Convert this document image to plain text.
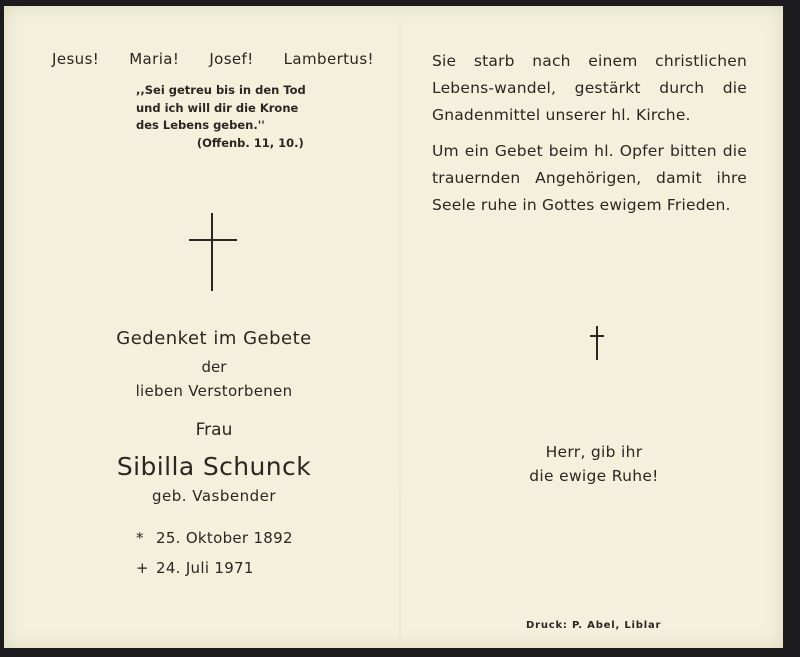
Jesus! Maria! Josef! Lambertus!
,,Sei getreu bis in den Tod
und ich will dir die Krone
des Lebens geben.''
(Offenb. 11, 10.)
Gedenket im Gebete
der
lieben Verstorbenen
Frau
Sibilla Schunck
geb. Vasbender
* 25. Oktober 1892
+ 24. Juli 1971

Sie starb nach einem christlichen Lebens-wandel, gestärkt durch die Gnadenmittel unserer hl. Kirche.

Um ein Gebet beim hl. Opfer bitten die trauernden Angehörigen, damit ihre Seele ruhe in Gottes ewigem Frieden.

Herr, gib ihr
die ewige Ruhe!
Druck: P. Abel, Liblar
